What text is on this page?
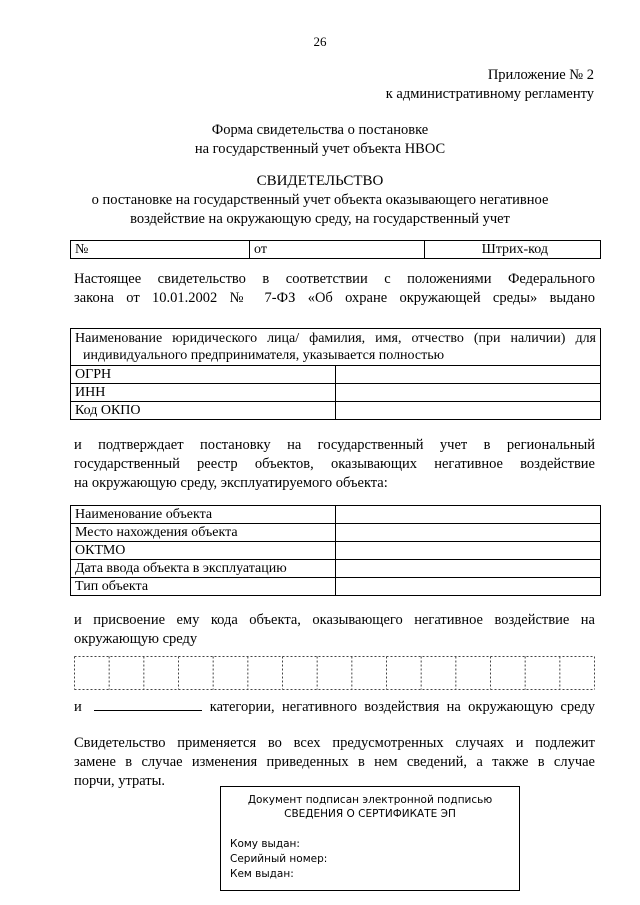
26
Приложение № 2
к административному регламенту
Форма свидетельства о постановке
на государственный учет объекта НВОС
СВИДЕТЕЛЬСТВО
о постановке на государственный учет объекта оказывающего негативное
воздействие на окружающую среду, на государственный учет
№	от	Штрих-код
Настоящее свидетельство в соответствии с положениями Федерального
закона от 10.01.2002 № 7-ФЗ «Об охране окружающей среды» выдано
Наименование юридического лица/ фамилия, имя, отчество (при наличии) для
индивидуального предпринимателя, указывается полностью	

ОГРН	
ИНН	
Код ОКПО	
и подтверждает постановку на государственный учет в региональный
государственный реестр объектов, оказывающих негативное воздействие
на окружающую среду, эксплуатируемого объекта:
Наименование объекта	
Место нахождения объекта	
ОКТМО	
Дата ввода объекта в эксплуатацию	
Тип объекта	
и присвоение ему кода объекта, оказывающего негативное воздействие на
окружающую среду
и	категории, негативного воздействия на окружающую среду
Свидетельство применяется во всех предусмотренных случаях и подлежит
замене в случае изменения приведенных в нем сведений, а также в случае
порчи, утраты.
Документ подписан электронной подписью
СВЕДЕНИЯ О СЕРТИФИКАТЕ ЭП
Кому выдан:
Серийный номер:
Кем выдан:
